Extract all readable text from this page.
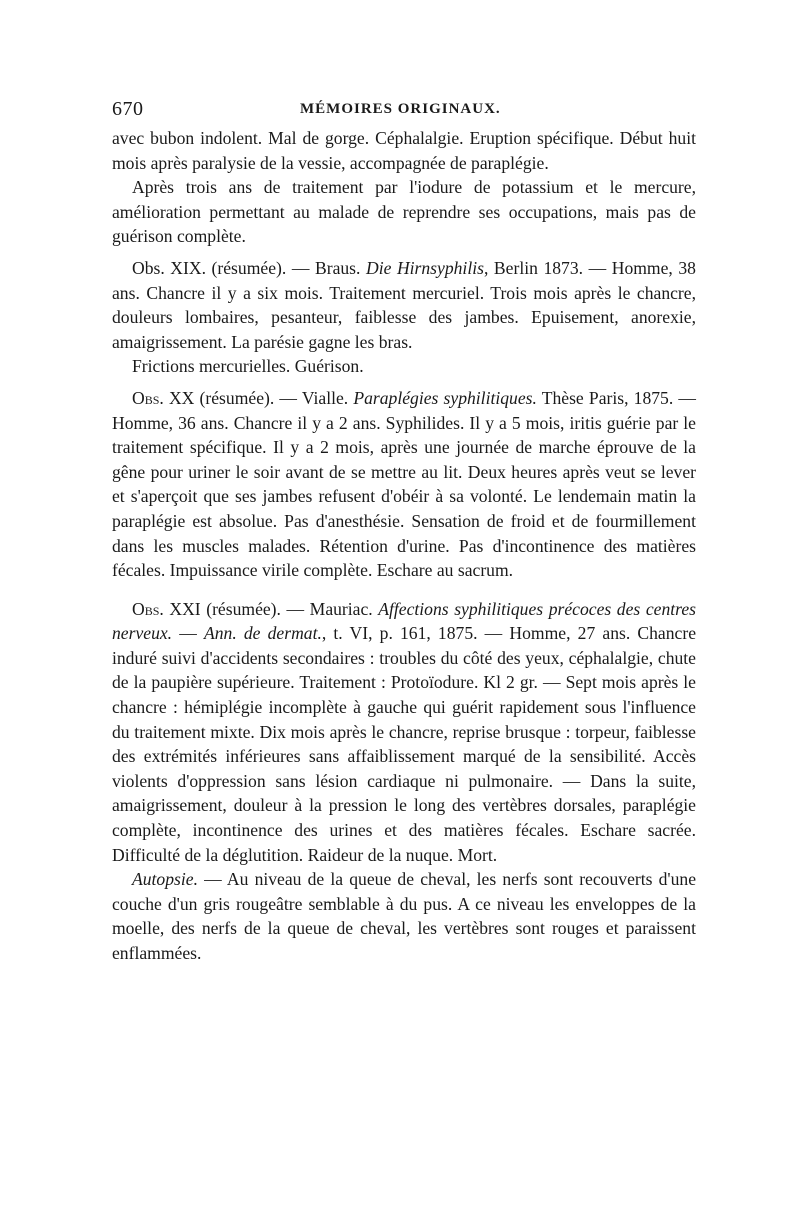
670	MÉMOIRES ORIGINAUX.

avec bubon indolent. Mal de gorge. Céphalalgie. Eruption spécifique. Début huit mois après paralysie de la vessie, accompagnée de paraplégie.

Après trois ans de traitement par l'iodure de potassium et le mercure, amélioration permettant au malade de reprendre ses occupations, mais pas de guérison complète.

Obs. XIX. (résumée). — Braus. Die Hirnsyphilis, Berlin 1873. — Homme, 38 ans. Chancre il y a six mois. Traitement mercuriel. Trois mois après le chancre, douleurs lombaires, pesanteur, faiblesse des jambes. Epuisement, anorexie, amaigrissement. La parésie gagne les bras.

Frictions mercurielles. Guérison.

Obs. XX (résumée). — Vialle. Paraplégies syphilitiques. Thèse Paris, 1875. — Homme, 36 ans. Chancre il y a 2 ans. Syphilides. Il y a 5 mois, iritis guérie par le traitement spécifique. Il y a 2 mois, après une journée de marche éprouve de la gêne pour uriner le soir avant de se mettre au lit. Deux heures après veut se lever et s'aperçoit que ses jambes refusent d'obéir à sa volonté. Le lendemain matin la paraplégie est absolue. Pas d'anesthésie. Sensation de froid et de fourmillement dans les muscles malades. Rétention d'urine. Pas d'incontinence des matières fécales. Impuissance virile complète. Eschare au sacrum.

Obs. XXI (résumée). — Mauriac. Affections syphilitiques précoces des centres nerveux. — Ann. de dermat., t. VI, p. 161, 1875. — Homme, 27 ans. Chancre induré suivi d'accidents secondaires : troubles du côté des yeux, céphalalgie, chute de la paupière supérieure. Traitement : Protoïodure. Kl 2 gr. — Sept mois après le chancre : hémiplégie incomplète à gauche qui guérit rapidement sous l'influence du traitement mixte. Dix mois après le chancre, reprise brusque : torpeur, faiblesse des extrémités inférieures sans affaiblissement marqué de la sensibilité. Accès violents d'oppression sans lésion cardiaque ni pulmonaire. — Dans la suite, amaigrissement, douleur à la pression le long des vertèbres dorsales, paraplégie complète, incontinence des urines et des matières fécales. Eschare sacrée. Difficulté de la déglutition. Raideur de la nuque. Mort.

Autopsie. — Au niveau de la queue de cheval, les nerfs sont recouverts d'une couche d'un gris rougeâtre semblable à du pus. A ce niveau les enveloppes de la moelle, des nerfs de la queue de cheval, les vertèbres sont rouges et paraissent enflammées.
